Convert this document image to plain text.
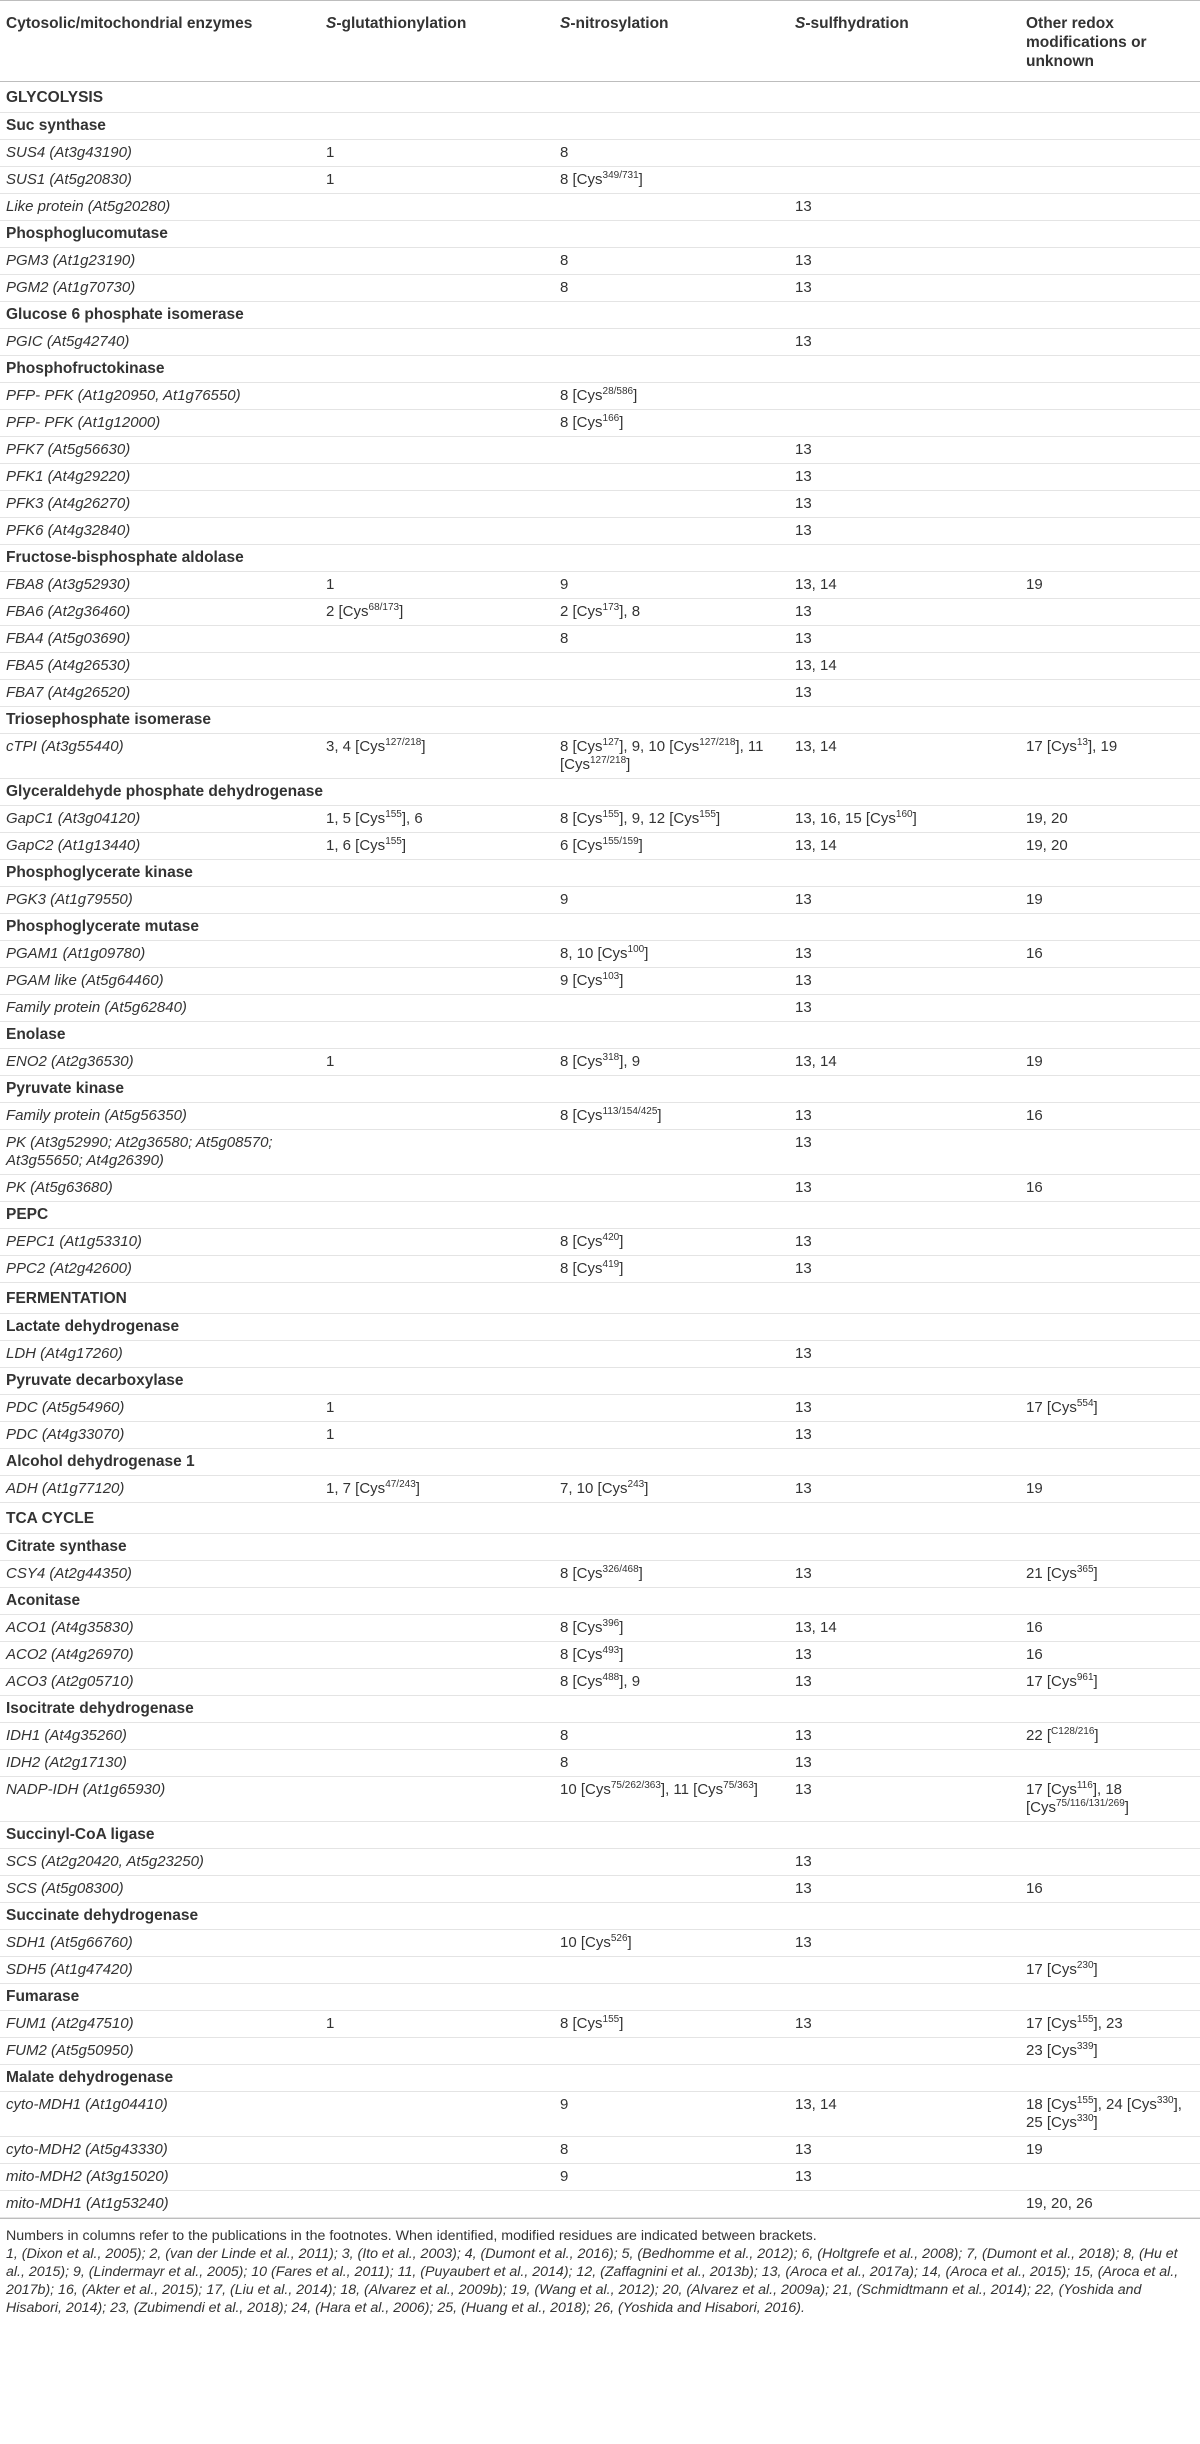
Cytosolic/mitochondrial enzymes	S-glutathionylation	S-nitrosylation	S-sulfhydration	Other redox modifications or unknown
GLYCOLYSIS				
Suc synthase				
SUS4 (At3g43190)	1	8		
SUS1 (At5g20830)	1	8 [Cys$^{349/731}$]		
Like protein (At5g20280)			13	
Phosphoglucomutase				
PGM3 (At1g23190)		8	13	
PGM2 (At1g70730)		8	13	
Glucose 6 phosphate isomerase				
PGIC (At5g42740)			13	
Phosphofructokinase				
PFP- PFK (At1g20950, At1g76550)		8 [Cys$^{28/586}$]		
PFP- PFK (At1g12000)		8 [Cys$^{166}$]		
PFK7 (At5g56630)			13	
PFK1 (At4g29220)			13	
PFK3 (At4g26270)			13	
PFK6 (At4g32840)			13	
Fructose-bisphosphate aldolase				
FBA8 (At3g52930)	1	9	13, 14	19
FBA6 (At2g36460)	2 [Cys$^{68/173}$]	2 [Cys$^{173}$], 8	13	
FBA4 (At5g03690)		8	13	
FBA5 (At4g26530)			13, 14	
FBA7 (At4g26520)			13	
Triosephosphate isomerase				
cTPI (At3g55440)	3, 4 [Cys$^{127/218}$]	8 [Cys$^{127}$], 9, 10 [Cys$^{127/218}$], 11 [Cys$^{127/218}$]	13, 14	17 [Cys$^{13}$], 19
Glyceraldehyde phosphate dehydrogenase				
GapC1 (At3g04120)	1, 5 [Cys$^{155}$], 6	8 [Cys$^{155}$], 9, 12 [Cys$^{155}$]	13, 16, 15 [Cys$^{160}$]	19, 20
GapC2 (At1g13440)	1, 6 [Cys$^{155}$]	6 [Cys$^{155/159}$]	13, 14	19, 20
Phosphoglycerate kinase				
PGK3 (At1g79550)		9	13	19
Phosphoglycerate mutase				
PGAM1 (At1g09780)		8, 10 [Cys$^{100}$]	13	16
PGAM like (At5g64460)		9 [Cys$^{103}$]	13	
Family protein (At5g62840)			13	
Enolase				
ENO2 (At2g36530)	1	8 [Cys$^{318}$], 9	13, 14	19
Pyruvate kinase				
Family protein (At5g56350)		8 [Cys$^{113/154/425}$]	13	16
PK (At3g52990; At2g36580; At5g08570; At3g55650; At4g26390)			13	
PK (At5g63680)			13	16
PEPC				
PEPC1 (At1g53310)		8 [Cys$^{420}$]	13	
PPC2 (At2g42600)		8 [Cys$^{419}$]	13	
FERMENTATION				
Lactate dehydrogenase				
LDH (At4g17260)			13	
Pyruvate decarboxylase				
PDC (At5g54960)	1		13	17 [Cys$^{554}$]
PDC (At4g33070)	1		13	
Alcohol dehydrogenase 1				
ADH (At1g77120)	1, 7 [Cys$^{47/243}$]	7, 10 [Cys$^{243}$]	13	19
TCA CYCLE				
Citrate synthase				
CSY4 (At2g44350)		8 [Cys$^{326/468}$]	13	21 [Cys$^{365}$]
Aconitase				
ACO1 (At4g35830)		8 [Cys$^{396}$]	13, 14	16
ACO2 (At4g26970)		8 [Cys$^{493}$]	13	16
ACO3 (At2g05710)		8 [Cys$^{488}$], 9	13	17 [Cys$^{961}$]
Isocitrate dehydrogenase				
IDH1 (At4g35260)		8	13	22 [$^{C128/216}$]
IDH2 (At2g17130)		8	13	
NADP-IDH (At1g65930)		10 [Cys$^{75/262/363}$], 11 [Cys$^{75/363}$]	13	17 [Cys$^{116}$], 18 [Cys$^{75/116/131/269}$]
Succinyl-CoA ligase				
SCS (At2g20420, At5g23250)			13	
SCS (At5g08300)			13	16
Succinate dehydrogenase				
SDH1 (At5g66760)		10 [Cys$^{526}$]	13	
SDH5 (At1g47420)				17 [Cys$^{230}$]
Fumarase				
FUM1 (At2g47510)	1	8 [Cys$^{155}$]	13	17 [Cys$^{155}$], 23
FUM2 (At5g50950)				23 [Cys$^{339}$]
Malate dehydrogenase				
cyto-MDH1 (At1g04410)		9	13, 14	18 [Cys$^{155}$], 24 [Cys$^{330}$], 25 [Cys$^{330}$]
cyto-MDH2 (At5g43330)		8	13	19
mito-MDH2 (At3g15020)		9	13	
mito-MDH1 (At1g53240)				19, 20, 26

Numbers in columns refer to the publications in the footnotes. When identified, modified residues are indicated between brackets.

1, (Dixon et al., 2005); 2, (van der Linde et al., 2011); 3, (Ito et al., 2003); 4, (Dumont et al., 2016); 5, (Bedhomme et al., 2012); 6, (Holtgrefe et al., 2008); 7, (Dumont et al., 2018); 8, (Hu et al., 2015); 9, (Lindermayr et al., 2005); 10 (Fares et al., 2011); 11, (Puyaubert et al., 2014); 12, (Zaffagnini et al., 2013b); 13, (Aroca et al., 2017a); 14, (Aroca et al., 2015); 15, (Aroca et al., 2017b); 16, (Akter et al., 2015); 17, (Liu et al., 2014); 18, (Alvarez et al., 2009b); 19, (Wang et al., 2012); 20, (Alvarez et al., 2009a); 21, (Schmidtmann et al., 2014); 22, (Yoshida and Hisabori, 2014); 23, (Zubimendi et al., 2018); 24, (Hara et al., 2006); 25, (Huang et al., 2018); 26, (Yoshida and Hisabori, 2016).
